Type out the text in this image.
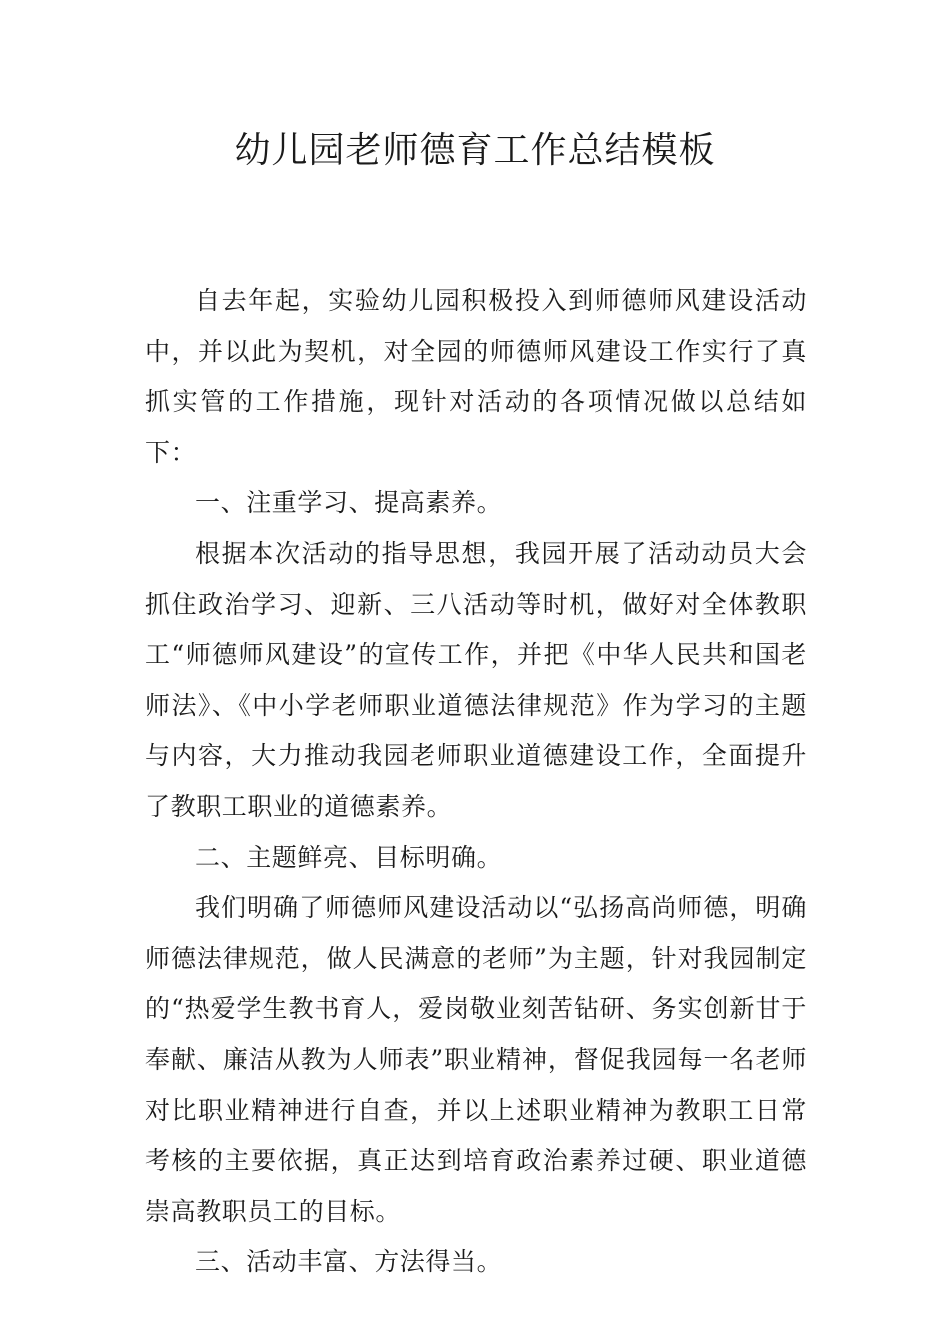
幼儿园老师德育工作总结模板

自去年起，实验幼儿园积极投入到师德师风建设活动中，并以此为契机，对全园的师德师风建设工作实行了真抓实管的工作措施，现针对活动的各项情况做以总结如下：

一、注重学习、提高素养。

根据本次活动的指导思想，我园开展了活动动员大会抓住政治学习、迎新、三八活动等时机，做好对全体教职工“师德师风建设”的宣传工作，并把《中华人民共和国老师法》、《中小学老师职业道德法律规范》作为学习的主题与内容，大力推动我园老师职业道德建设工作，全面提升了教职工职业的道德素养。

二、主题鲜亮、目标明确。

我们明确了师德师风建设活动以“弘扬高尚师德，明确师德法律规范，做人民满意的老师”为主题，针对我园制定的“热爱学生教书育人，爱岗敬业刻苦钻研、务实创新甘于奉献、廉洁从教为人师表”职业精神，督促我园每一名老师对比职业精神进行自查，并以上述职业精神为教职工日常考核的主要依据，真正达到培育政治素养过硬、职业道德崇高教职员工的目标。

三、活动丰富、方法得当。
